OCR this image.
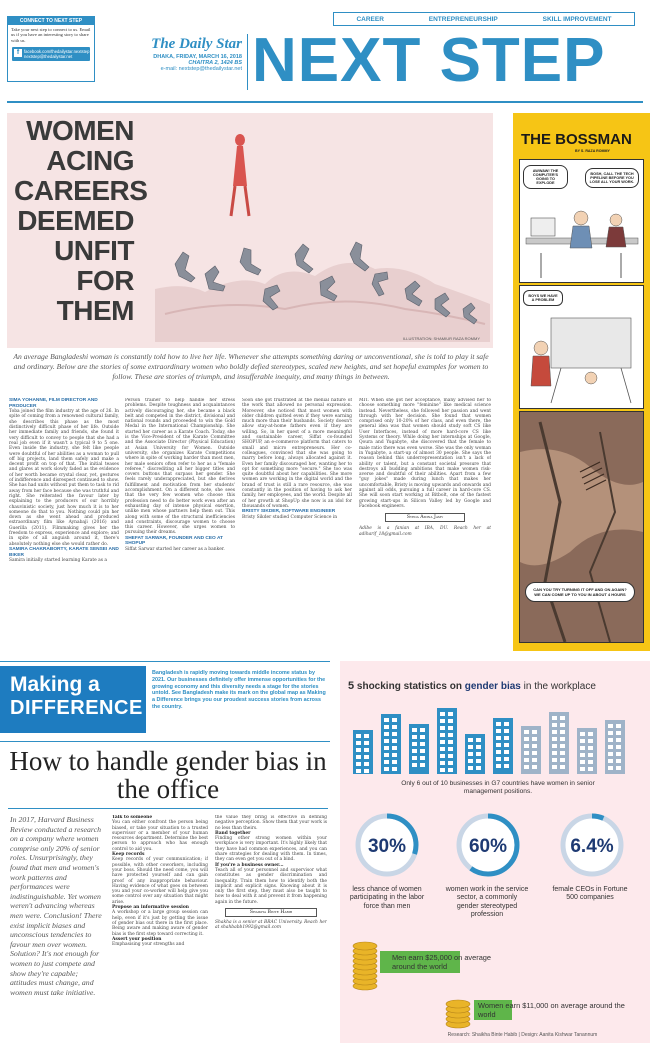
CONNECT TO NEXT STEP
Take your next step to connect to us. Email us if you have an interesting story to share with us.
f	facebook.com/thedailystar.nextstep
nextstep@thedailystar.net
CAREER	ENTREPRENEURSHIP	SKILL IMPROVEMENT
The Daily Star
DHAKA, FRIDAY, MARCH 16, 2018
CHAITRA 2, 1424 BS
e-mail: nextstep@thedailystar.net NEXT STEP
WOMEN
ACING
CAREERS
DEEMED
UNFIT
FOR THEM
ILLUSTRATION: SHAMIUR RAZA ROMMY
An average Bangladeshi woman is constantly told how to live her life. Whenever she attempts something daring or unconventional, she is told to play it safe and ordinary. Below are the stories of some extraordinary women who boldly defied stereotypes, scaled new heights, and set hopeful examples for women to follow. These are stories of triumph, and insufferable inequity, and many things in between.
SIMA YOHANNE, FILM DIRECTOR AND PRODUCER
Toba joined the film industry at the age of 26. In spite of coming from a renowned cultural family, she describes this phase as the most distinctively difficult phase of her life. Outside her immediate family and friends, she found it very difficult to convey to people that she had a real job even if it wasn't a typical 9 to 5 one. Even inside the industry, she felt like people were doubtful of her abilities as a woman to pull off big projects, land them safely and make a decent profit on top of that. The initial teases and glares at work slowly faded as the evidence of her worth became crystal clear, yet, gestures of indifference and disrespect continued to show. She has had units without put them to task to rid away from her face because she was truthful and right. She reiterated the favour later by explaining to the producers of our horribly chauvinistic society, just how much it is to her someone do that to you. Nothing could pin her down as she went ahead and produced extraordinary film like Aynabaji (2016) and Guerilla (2011). Filmmaking gives her the freedom to express, experience and explore; and in spite of all anguish around it, there's absolutely nothing else she would rather do.
SAMIRA CHAKRABORTY, KARATE SENSEI AND BIKER
Samira initially started learning Karate as a
Person trainer to help handle her stress problems. Despite toughness and acquaintances actively discouraging her, she became a black belt and competed in the district, divisional and national rounds and proceeded to win the Gold Medal in the International Championship. She started her career as a Karate Coach. Today, she is the Vice-President of the Karate Committee and the Associate Director (Physical Education) at Asian University for Women. Outside university, she organizes Karate Competitions where in spite of working harder than most men, her male seniors often refer to her as a "female referee," discrediting all her bigger titles and covers buttons that surpass her gender. She feels rarely underappreciated, but she derives fulfillment and motivation from her students' accomplishment. On a different note, she sees that the very few women who choose this profession need to do better work even after an exhausting day of intense physical exertion, unlike men whose partners help them out. This along with some of the structural inefficiencies and constraints, discourage women to choose this career. However, she urges women to pursuing their dreams.
SHEFAT SARWAR, FOUNDER AND CEO AT SHOPUP
Siffat Sarwar started her career as a banker.
Soon she got frustrated at the menial nature of the work that allowed no personal expression. Moreover, she noticed that most women with older children quitted even if they were earning much more than their husbands. Society doesn't allow stay-at-home fathers even if they are willing. So, in her quest of a more meaningful and sustainable career, Siffat co-founded SHOPUP, an e-commerce platform that caters to small and micro entrepreneurs. Her co-colleagues, convinced that she was going to marry before long, always allocated against it. Even her family discouraged her, wanting her to opt for something more "secure." She too was quite doubtful about her capabilities. She more women are working in the digital world and the brand of trust is still a rare resource, she was constantly in the position of having to ask her family, her employees, and the world. Despite all of her growth at ShopUp she now is an idol for thousands of women.
BRISTY SIKDER, SOFTWARE ENGINEER
Bristy Sikder studied Computer Science in
MIT. When she got her acceptance, many advised her to choose something more "feminine" like medical science instead. Nevertheless, she followed her passion and went through with her decision. She found that women comprised only 10-20% of her class, and even there, the general idea was that women should study soft CS like User Interfaces, instead of more hard-core CS like Systems or theory. While doing her internships at Google, Qoura and Yugabyte, she discovered that the female to male ratio there was even worse. She was the only woman in Yugabyte, a start-up of almost 30 people. She says the reason behind this underrepresentation isn't a lack of ability or talent, but a constant societal pressure that destroys all budding ambitions that make women risk-averse and doubtful of their abilities. Apart from a few "guy jokes" made during lunch that makes her uncomfortable, Bristy is moving upwards and onwards and against all odds, pursuing a full career in hard-core CS. She will soon start working at Bitbolt, one of the fastest growing start-ups in Silicon Valley led by Google and Facebook engineers.
Syeda Amina Jamy
Adibe is a fanian at IBA, DU. Reach her at adiharif_18@gmail.com
THE BOSSMAN
BY S. RAZA ROMMY
AWWAW! THE COMPUTER'S GOING TO EXPLODE
BOSH, CALL THE TECH PIPELINE BEFORE YOU LOSE ALL YOUR WORK.
BOYS WE HAVE A PROBLEM
CAN YOU TRY TURNING IT OFF AND ON AGAIN? WE CAN COME UP TO YOU IN ABOUT 4 HOURS
Making a
DIFFERENCE
Bangladesh is rapidly moving towards middle income status by 2021. Our businesses definitely offer immense opportunities for the growing economy and this diversity needs a stage for the stories untold. See Bangladesh make its mark on the global map as Making a Difference brings you our proudest success stories from across the country.
How to handle gender bias in the office
In 2017, Harvard Business Review conducted a research on a company where women comprise only 20% of senior roles. Unsurprisingly, they found that men and women's work patterns and performances were indistinguishable. Yet women weren't advancing whereas men were. Conclusion! There exist implicit biases and unconscious tendencies to favour men over women. Solution? It's not enough for women to just compete and show they're capable; attitudes must change, and women must take initiative.
Talk to someone
You can either confront the person being biased, or take your situation to a trusted supervisor or a member of your human resources department. Determine the best person to approach who has enough control to aid you.
Keep records
Keep records of your communication; if possible, with other coworkers, including your boss. Should the need come, you will have protected yourself and can gain proof of any inappropriate behaviour. Having evidence of what goes on between you and your co-worker will help give you some control over any situation that might arise.
Propose an informative session
A workshop or a large group session can help, even if it's just by getting the issue of gender bias out there in the first place. Being aware and making aware of gender bias is the first step toward correcting it.
Assert your position
Emphasising your strengths and
the value they bring is effective in defining negative perception. Show them that your work is no less than theirs.
Band together
Finding other strong women within your workplace is very important. It's highly likely that they have had common experiences, and you can share strategies for dealing with them. In times, they can even get you out of a bind.
If you're a business owner...
Teach all of your personnel and supervisor what constitutes as gender discrimination and inequality. Train them how to identify both the implicit and explicit signs. Knowing about it is only the first step, they must also be taught to how to deal with it and prevent it from happening again in the future.
Shaikha Binte Habib
Shakha is a senior at BRAC University. Reach her at shahbabb1992@gmail.com
5 shocking statistics on gender bias in the workplace
Only 6 out of 10 businesses in G7 countries have women in senior management positions.
30%	60%	6.4%
less chance of women participating in the labor force than men
women work in the service sector, a commonly gender stereotyped profession
female CEOs in Fortune 500 companies
Men earn $25,000 on average around the world
Women earn $11,000 on average around the world
Research: Shaikha Binte Habib | Design: Aanita Kishwar Tanannum
